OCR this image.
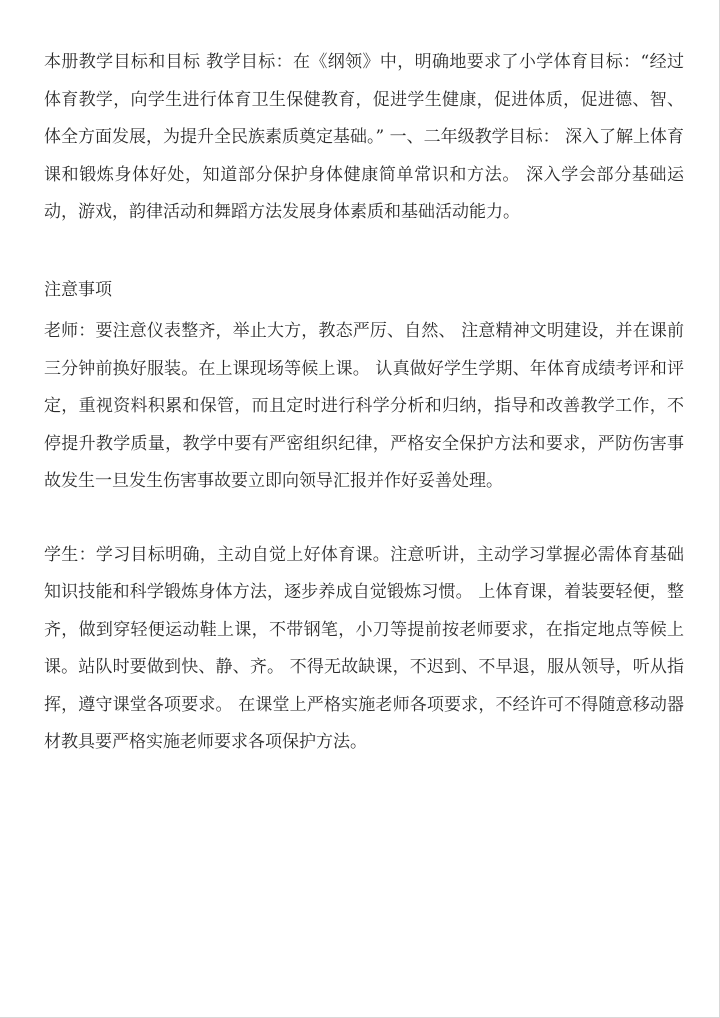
本册教学目标和目标 教学目标：在《纲领》中，明确地要求了小学体育目标：“经过体育教学，向学生进行体育卫生保健教育，促进学生健康，促进体质，促进德、智、体全方面发展，为提升全民族素质奠定基础。” 一、二年级教学目标： 深入了解上体育课和锻炼身体好处，知道部分保护身体健康简单常识和方法。 深入学会部分基础运动，游戏，韵律活动和舞蹈方法发展身体素质和基础活动能力。

注意事项

老师：要注意仪表整齐，举止大方，教态严厉、自然、 注意精神文明建设，并在课前三分钟前换好服装。在上课现场等候上课。 认真做好学生学期、年体育成绩考评和评定，重视资料积累和保管，而且定时进行科学分析和归纳，指导和改善教学工作，不停提升教学质量，教学中要有严密组织纪律，严格安全保护方法和要求，严防伤害事故发生一旦发生伤害事故要立即向领导汇报并作好妥善处理。

学生：学习目标明确，主动自觉上好体育课。注意听讲，主动学习掌握必需体育基础知识技能和科学锻炼身体方法，逐步养成自觉锻炼习惯。 上体育课，着装要轻便，整齐，做到穿轻便运动鞋上课，不带钢笔，小刀等提前按老师要求，在指定地点等候上课。站队时要做到快、静、齐。 不得无故缺课，不迟到、不早退，服从领导，听从指挥，遵守课堂各项要求。 在课堂上严格实施老师各项要求，不经许可不得随意移动器材教具要严格实施老师要求各项保护方法。
